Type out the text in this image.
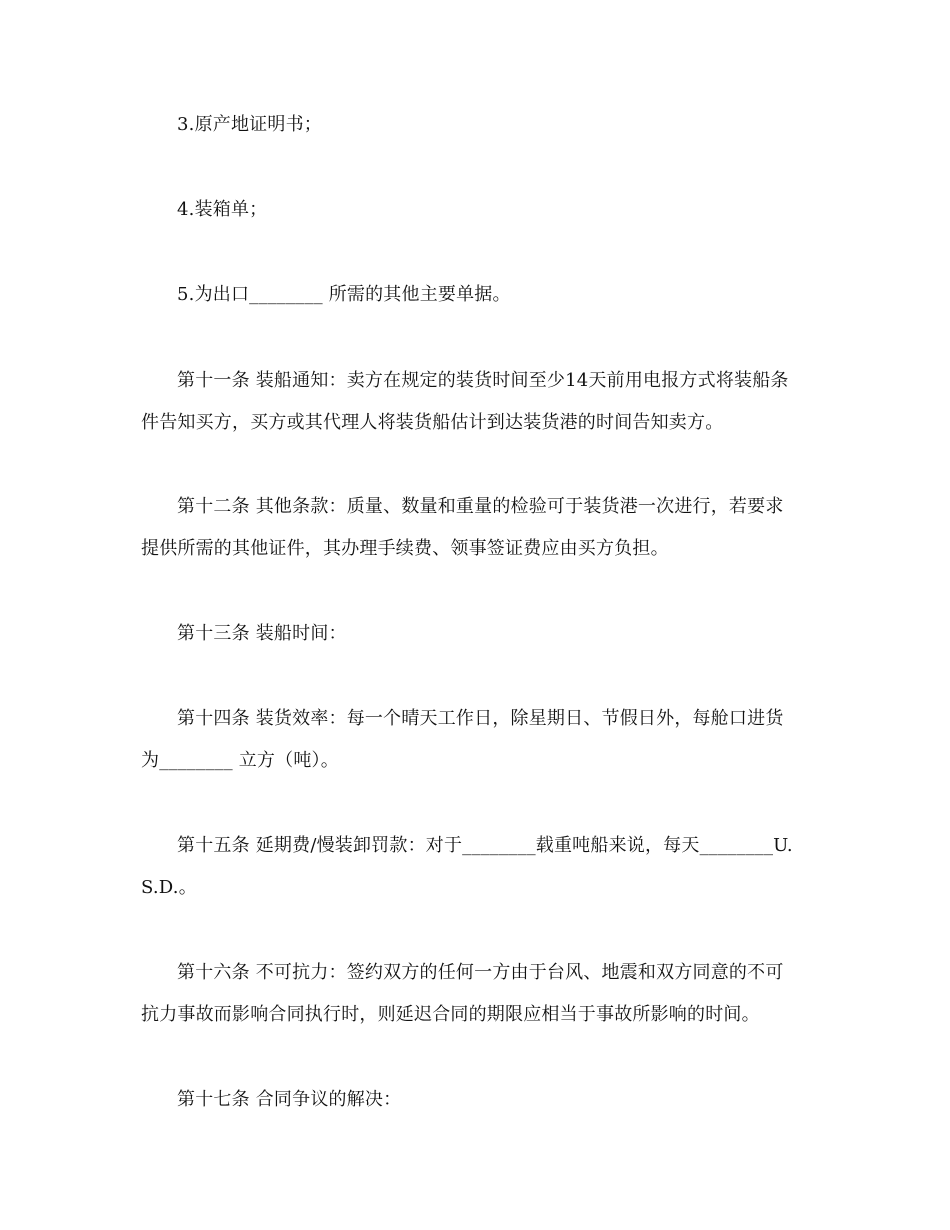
3.原产地证明书；
4.装箱单；
5.为出口________ 所需的其他主要单据。
第十一条 装船通知：卖方在规定的装货时间至少14天前用电报方式将装船条
件告知买方，买方或其代理人将装货船估计到达装货港的时间告知卖方。
第十二条 其他条款：质量、数量和重量的检验可于装货港一次进行，若要求
提供所需的其他证件，其办理手续费、领事签证费应由买方负担。
第十三条 装船时间：
第十四条 装货效率：每一个晴天工作日，除星期日、节假日外，每舱口进货
为________ 立方（吨）。
第十五条 延期费/慢装卸罚款：对于________载重吨船来说，每天________U.
S.D.。
第十六条 不可抗力：签约双方的任何一方由于台风、地震和双方同意的不可
抗力事故而影响合同执行时，则延迟合同的期限应相当于事故所影响的时间。
第十七条 合同争议的解决：
